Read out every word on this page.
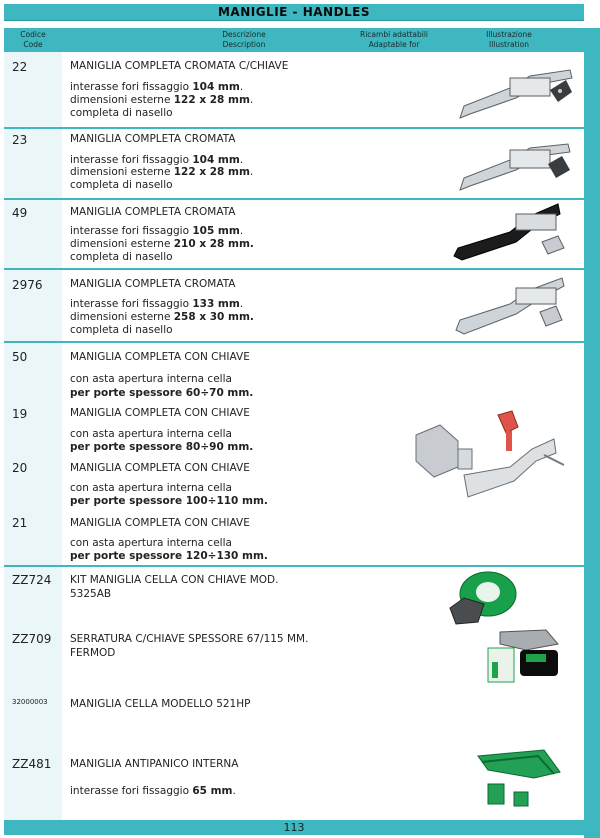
MANIGLIE - HANDLES
Codice
Code
Descrizione
Description
Ricambi adattabili
Adaptable for
Illustrazione
Illustration
22	MANIGLIA COMPLETA CROMATA C/CHIAVE
interasse fori fissaggio 104 mm.
dimensioni esterne 122 x 28 mm.
completa di nasello
23	MANIGLIA COMPLETA CROMATA
interasse fori fissaggio 104 mm.
dimensioni esterne 122 x 28 mm.
completa di nasello
49	MANIGLIA COMPLETA CROMATA
interasse fori fissaggio 105 mm.
dimensioni esterne 210 x 28 mm.
completa di nasello
2976	MANIGLIA COMPLETA CROMATA
interasse fori fissaggio 133 mm.
dimensioni esterne 258 x 30 mm.
completa di nasello
50	MANIGLIA COMPLETA CON CHIAVE
con asta apertura interna cella
per porte spessore 60÷70 mm.
19	MANIGLIA COMPLETA CON CHIAVE
con asta apertura interna cella
per porte spessore 80÷90 mm.
20	MANIGLIA COMPLETA CON CHIAVE
con asta apertura interna cella
per porte spessore 100÷110 mm.
21	MANIGLIA COMPLETA CON CHIAVE
con asta apertura interna cella
per porte spessore 120÷130 mm.
ZZ724 KIT MANIGLIA CELLA CON CHIAVE MOD.
5325AB
ZZ709 SERRATURA C/CHIAVE SPESSORE 67/115 MM.
FERMOD
32000003 MANIGLIA CELLA MODELLO 521HP
ZZ481 MANIGLIA ANTIPANICO INTERNA
interasse fori fissaggio 65 mm.
113
